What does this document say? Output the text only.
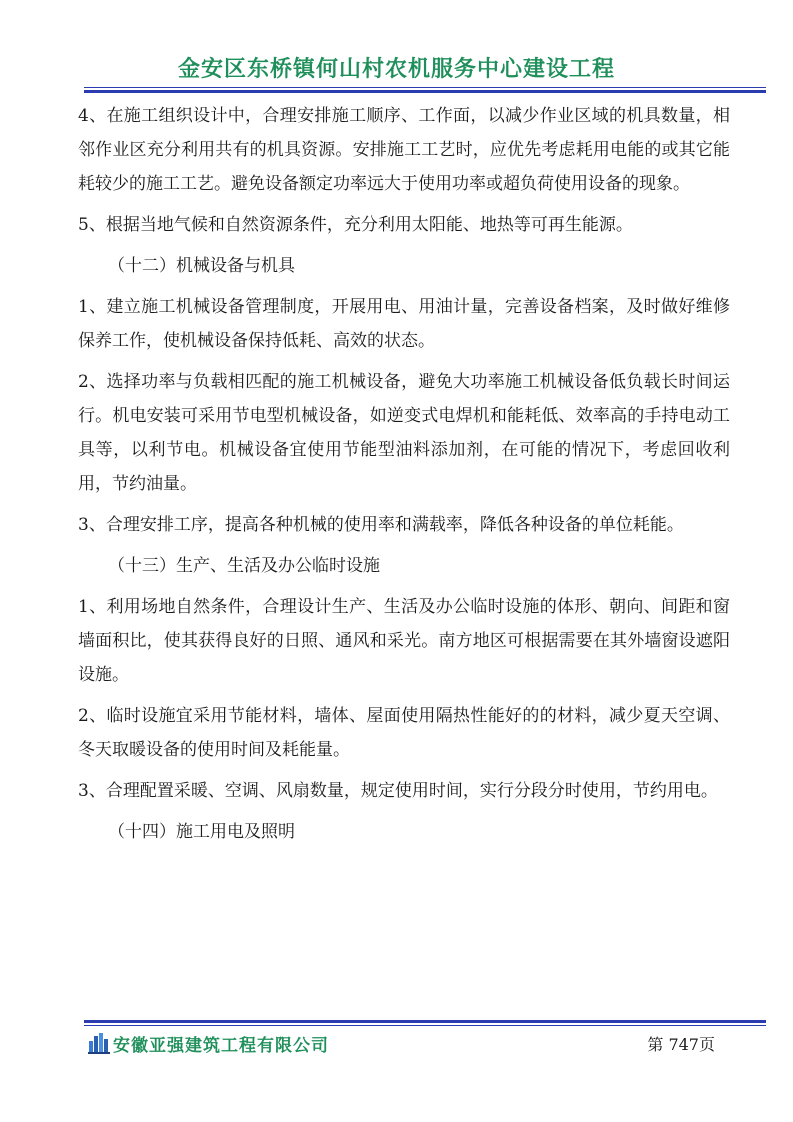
金安区东桥镇何山村农机服务中心建设工程

4、在施工组织设计中，合理安排施工顺序、工作面，以减少作业区域的机具数量，相邻作业区充分利用共有的机具资源。安排施工工艺时，应优先考虑耗用电能的或其它能耗较少的施工工艺。避免设备额定功率远大于使用功率或超负荷使用设备的现象。

5、根据当地气候和自然资源条件，充分利用太阳能、地热等可再生能源。

（十二）机械设备与机具

1、建立施工机械设备管理制度，开展用电、用油计量，完善设备档案，及时做好维修保养工作，使机械设备保持低耗、高效的状态。

2、选择功率与负载相匹配的施工机械设备，避免大功率施工机械设备低负载长时间运行。机电安装可采用节电型机械设备，如逆变式电焊机和能耗低、效率高的手持电动工具等，以利节电。机械设备宜使用节能型油料添加剂，在可能的情况下，考虑回收利用，节约油量。

3、合理安排工序，提高各种机械的使用率和满载率，降低各种设备的单位耗能。

（十三）生产、生活及办公临时设施

1、利用场地自然条件，合理设计生产、生活及办公临时设施的体形、朝向、间距和窗墙面积比，使其获得良好的日照、通风和采光。南方地区可根据需要在其外墙窗设遮阳设施。

2、临时设施宜采用节能材料，墙体、屋面使用隔热性能好的的材料，减少夏天空调、冬天取暖设备的使用时间及耗能量。

3、合理配置采暖、空调、风扇数量，规定使用时间，实行分段分时使用，节约用电。

（十四）施工用电及照明

安徽亚强建筑工程有限公司	第 747页
